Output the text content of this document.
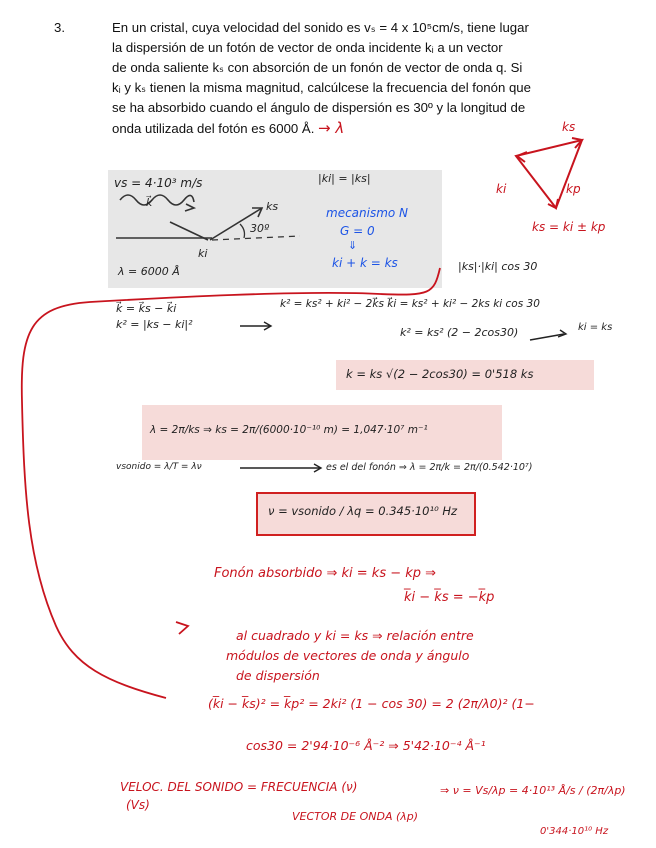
3.	En un cristal, cuya velocidad del sonido es vₛ = 4 x 10⁵cm/s, tiene lugar

la dispersión de un fotón de vector de onda incidente kᵢ a un vector

de onda saliente kₛ con absorción de un fonón de vector de onda q. Si

kᵢ y kₛ tienen la misma magnitud, calcúlcese la frecuencia del fonón que

se ha absorbido cuando el ángulo de dispersión es 30º y la longitud de

onda utilizada del fotón es 6000 Å. → λ

vs = 4·10³ m/s
k⃗	ks
ki
30º
λ = 6000 Å
|ki| = |ks|
mecanismo N
G = 0
⇓
ki + k = ks
ks
ki	kp
ks = ki ± kp
|ks|·|ki| cos 30
k⃗ = k⃗s − k⃗i
k² = |ks − ki|²
k² = ks² + ki² − 2k⃗s k⃗i = ks² + ki² − 2ks ki cos 30
k² = ks² (2 − 2cos30)	ki = ks
k = ks √(2 − 2cos30) = 0'518 ks
λ = 2π/ks ⇒ ks = 2π/(6000·10⁻¹⁰ m) = 1,047·10⁷ m⁻¹
vsonido = λ/T = λν	es el del fonón ⇒ λ = 2π/k = 2π/(0.542·10⁷)
ν = vsonido / λq = 0.345·10¹⁰ Hz
Fonón absorbido ⇒ ki = ks − kp ⇒
k̅i − k̅s = −k̅p
al cuadrado y ki = ks ⇒ relación entre
módulos de vectores de onda y ángulo
de dispersión
(k̅i − k̅s)² = k̅p² = 2ki² (1 − cos 30) = 2 (2π/λ0)² (1−
cos30 = 2'94·10⁻⁶ Å⁻² ⇒ 5'42·10⁻⁴ Å⁻¹
VELOC. DEL SONIDO = FRECUENCIA (ν)
(Vs)
VECTOR DE ONDA (λp)
⇒ ν = Vs/λp = 4·10¹³ Å/s / (2π/λp)
0'344·10¹⁰ Hz
